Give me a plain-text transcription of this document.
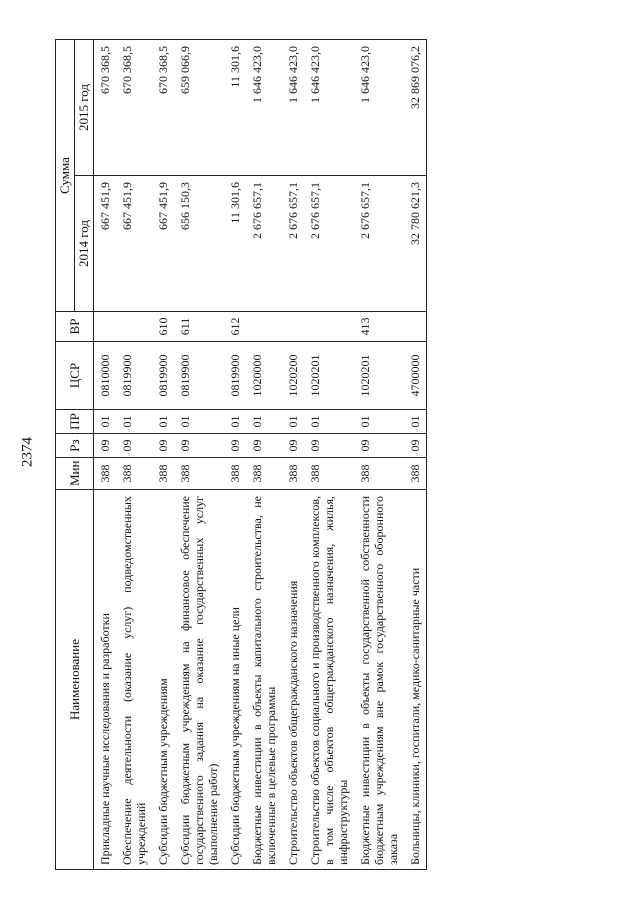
2374
Наименование	Мин	Рз	ПР	ЦСР	ВР	Сумма	
						2014 год	2015 год
Прикладные научные исследования и разработки	388	09	01	0810000		667 451,9	670 368,5
Обеспечение деятельности (оказание услуг) подведомственных учреждений	388	09	01	0819900		667 451,9	670 368,5
Субсидии бюджетным учреждениям	388	09	01	0819900	610	667 451,9	670 368,5
Субсидии бюджетным учреждениям на финансовое обеспечение государственного задания на оказание государственных услуг (выполнение работ)	388	09	01	0819900	611	656 150,3	659 066,9
Субсидии бюджетным учреждениям на иные цели	388	09	01	0819900	612	11 301,6	11 301,6
Бюджетные инвестиции в объекты капитального строительства, не включенные в целевые программы	388	09	01	1020000		2 676 657,1	1 646 423,0
Строительство объектов общегражданского назначения	388	09	01	1020200		2 676 657,1	1 646 423,0
Строительство объектов социального и производственного комплексов, в том числе объектов общегражданского назначения, жилья, инфраструктуры	388	09	01	1020201		2 676 657,1	1 646 423,0
Бюджетные инвестиции в объекты государственной собственности бюджетным учреждениям вне рамок государственного оборонного заказа	388	09	01	1020201	413	2 676 657,1	1 646 423,0
Больницы, клиники, госпитали, медико-санитарные части	388	09	01	4700000		32 780 621,3	32 869 076,2
